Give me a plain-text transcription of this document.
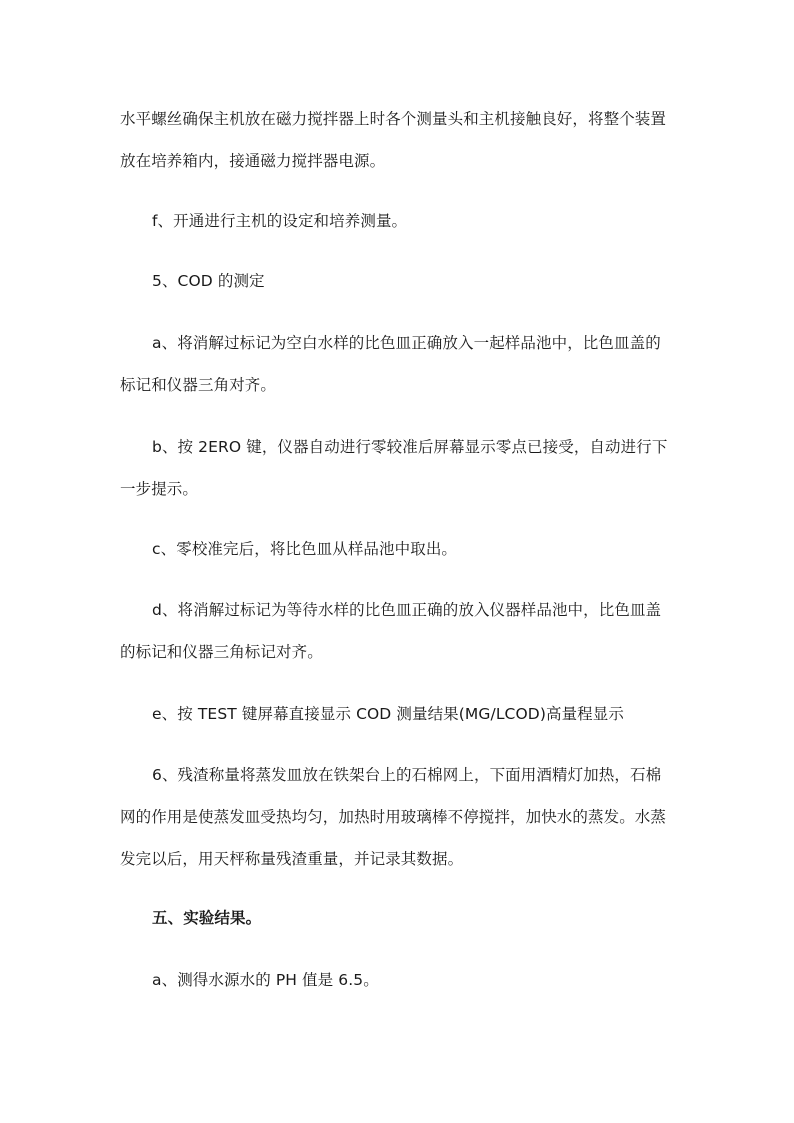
水平螺丝确保主机放在磁力搅拌器上时各个测量头和主机接触良好，将整个装置

放在培养箱内，接通磁力搅拌器电源。

f、开通进行主机的设定和培养测量。

5、COD 的测定

a、将消解过标记为空白水样的比色皿正确放入一起样品池中，比色皿盖的

标记和仪器三角对齐。

b、按 2ERO 键，仪器自动进行零较准后屏幕显示零点已接受，自动进行下

一步提示。

c、零校准完后，将比色皿从样品池中取出。

d、将消解过标记为等待水样的比色皿正确的放入仪器样品池中，比色皿盖

的标记和仪器三角标记对齐。

e、按 TEST 键屏幕直接显示 COD 测量结果(MG/LCOD)高量程显示

6、残渣称量将蒸发皿放在铁架台上的石棉网上，下面用酒精灯加热，石棉

网的作用是使蒸发皿受热均匀，加热时用玻璃棒不停搅拌，加快水的蒸发。水蒸

发完以后，用天枰称量残渣重量，并记录其数据。

五、实验结果。

a、测得水源水的 PH 值是 6.5。
